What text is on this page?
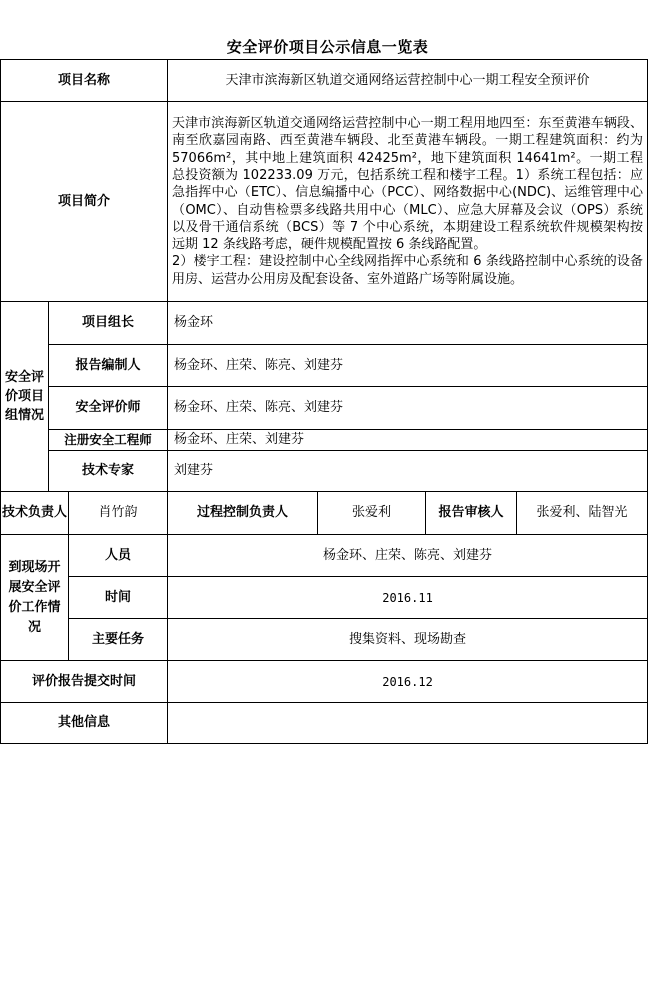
安全评价项目公示信息一览表
项目名称			天津市滨海新区轨道交通网络运营控制中心一期工程安全预评价		
项目简介			天津市滨海新区轨道交通网络运营控制中心一期工程用地四至：东至黄港车辆段、南至欣嘉园南路、西至黄港车辆段、北至黄港车辆段。一期工程建筑面积：约为 57066m²，其中地上建筑面积 42425m²，地下建筑面积 14641m²。一期工程总投资额为 102233.09 万元，包括系统工程和楼宇工程。1）系统工程包括：应急指挥中心（ETC）、信息编播中心（PCC）、网络数据中心(NDC)、运维管理中心（OMC）、自动售检票多线路共用中心（MLC）、应急大屏幕及会议（OPS）系统以及骨干通信系统（BCS）等 7 个中心系统，本期建设工程系统软件规模架构按远期 12 条线路考虑，硬件规模配置按 6 条线路配置。
2）楼宇工程：建设控制中心全线网指挥中心系统和 6 条线路控制中心系统的设备用房、运营办公用房及配套设备、室外道路广场等附属设施。		

安全评价项目组情况	项目组长		杨金环		
	报告编制人		杨金环、庄荣、陈亮、刘建芬		
	安全评价师		杨金环、庄荣、陈亮、刘建芬		
	注册安全工程师		杨金环、庄荣、刘建芬		
	技术专家		刘建芬		
技术负责人		肖竹韵	过程控制负责人	张爱利	报告审核人 张爱利、陆智光

到现场开展安全评价工作情况		人员	杨金环、庄荣、陈亮、刘建芬		
		时间	2016.11		
		主要任务	搜集资料、现场勘查		
评价报告提交时间			2016.12		
其他信息					
